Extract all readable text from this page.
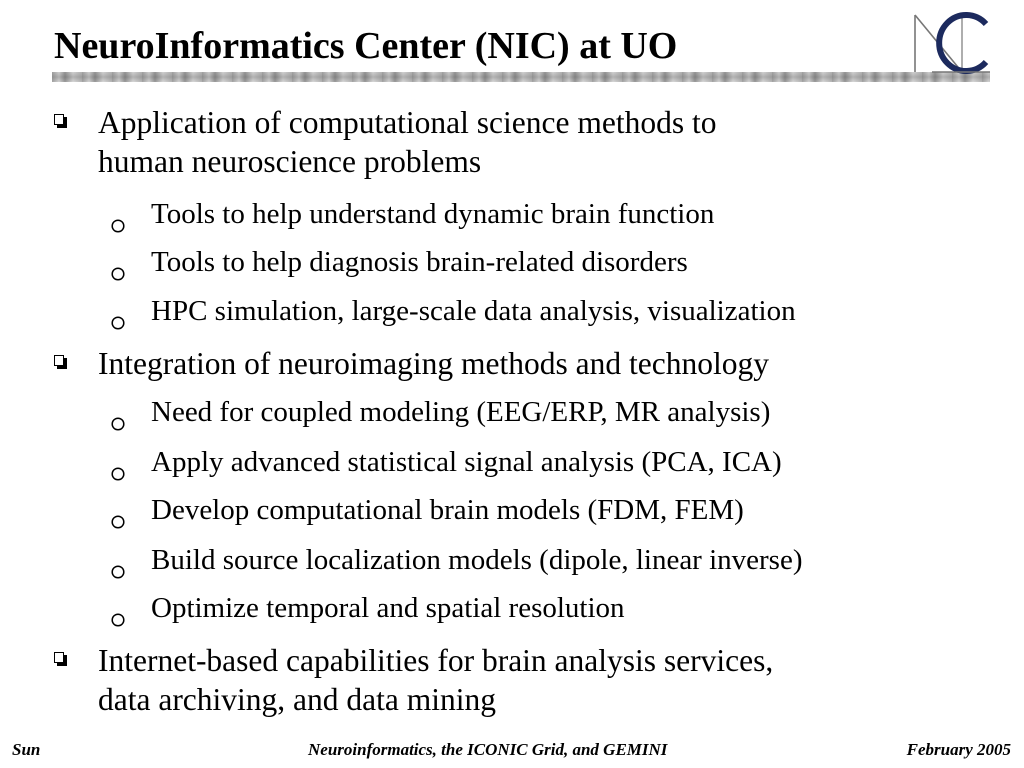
NeuroInformatics Center (NIC) at UO
Application of computational science methods to
human neuroscience problems
Tools to help understand dynamic brain function
Tools to help diagnosis brain-related disorders
HPC simulation, large-scale data analysis, visualization
Integration of neuroimaging methods and technology
Need for coupled modeling (EEG/ERP, MR analysis)
Apply advanced statistical signal analysis (PCA, ICA)
Develop computational brain models (FDM, FEM)
Build source localization models (dipole, linear inverse)
Optimize temporal and spatial resolution
Internet-based capabilities for brain analysis services,
data archiving, and data mining
Sun	Neuroinformatics, the ICONIC Grid, and GEMINI	February 2005
